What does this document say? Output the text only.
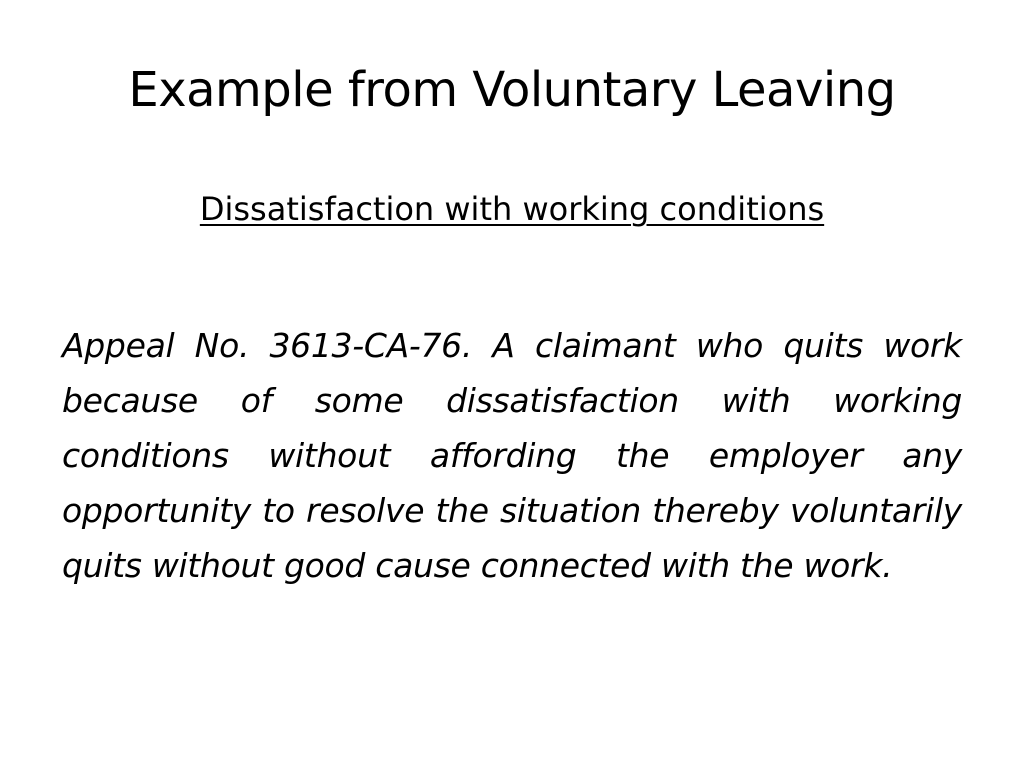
Example from Voluntary Leaving
Dissatisfaction with working conditions

Appeal No. 3613-CA-76. A claimant who quits work because of some dissatisfaction with working conditions without affording the employer any opportunity to resolve the situation thereby voluntarily quits without good cause connected with the work.
